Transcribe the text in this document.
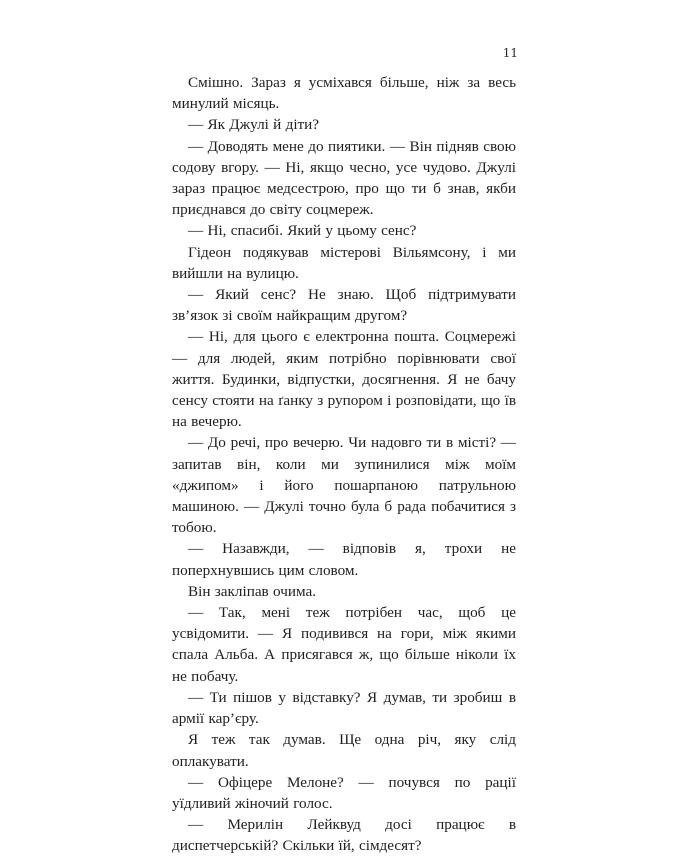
11

Смішно. Зараз я усміхався більше, ніж за весь минулий місяць.

— Як Джулі й діти?

— Доводять мене до пиятики. — Він підняв свою содову вгору. — Ні, якщо чесно, усе чудово. Джулі зараз працює медсестрою, про що ти б знав, якби приєднався до світу соцмереж.

— Ні, спасибі. Який у цьому сенс?

Гідеон подякував містерові Вільямсону, і ми вийшли на вулицю.

— Який сенс? Не знаю. Щоб підтримувати зв’язок зі своїм найкращим другом?

— Ні, для цього є електронна пошта. Соцмережі — для людей, яким потрібно порівнювати свої життя. Будинки, відпустки, досягнення. Я не бачу сенсу стояти на ґанку з рупором і розповідати, що їв на вечерю.

— До речі, про вечерю. Чи надовго ти в місті? — запитав він, коли ми зупинилися між моїм «джипом» і його пошарпаною патрульною машиною. — Джулі точно була б рада побачитися з тобою.

— Назавжди, — відповів я, трохи не поперхнувшись цим словом.

Він закліпав очима.

— Так, мені теж потрібен час, щоб це усвідомити. — Я подивився на гори, між якими спала Альба. А присягався ж, що більше ніколи їх не побачу.

— Ти пішов у відставку? Я думав, ти зробиш в армії кар’єру.

Я теж так думав. Ще одна річ, яку слід оплакувати.

— Офіцере Мелоне? — почувся по рації уїдливий жіночий голос.

— Мерилін Лейквуд досі працює в диспетчерській? Скільки їй, сімдесят?
